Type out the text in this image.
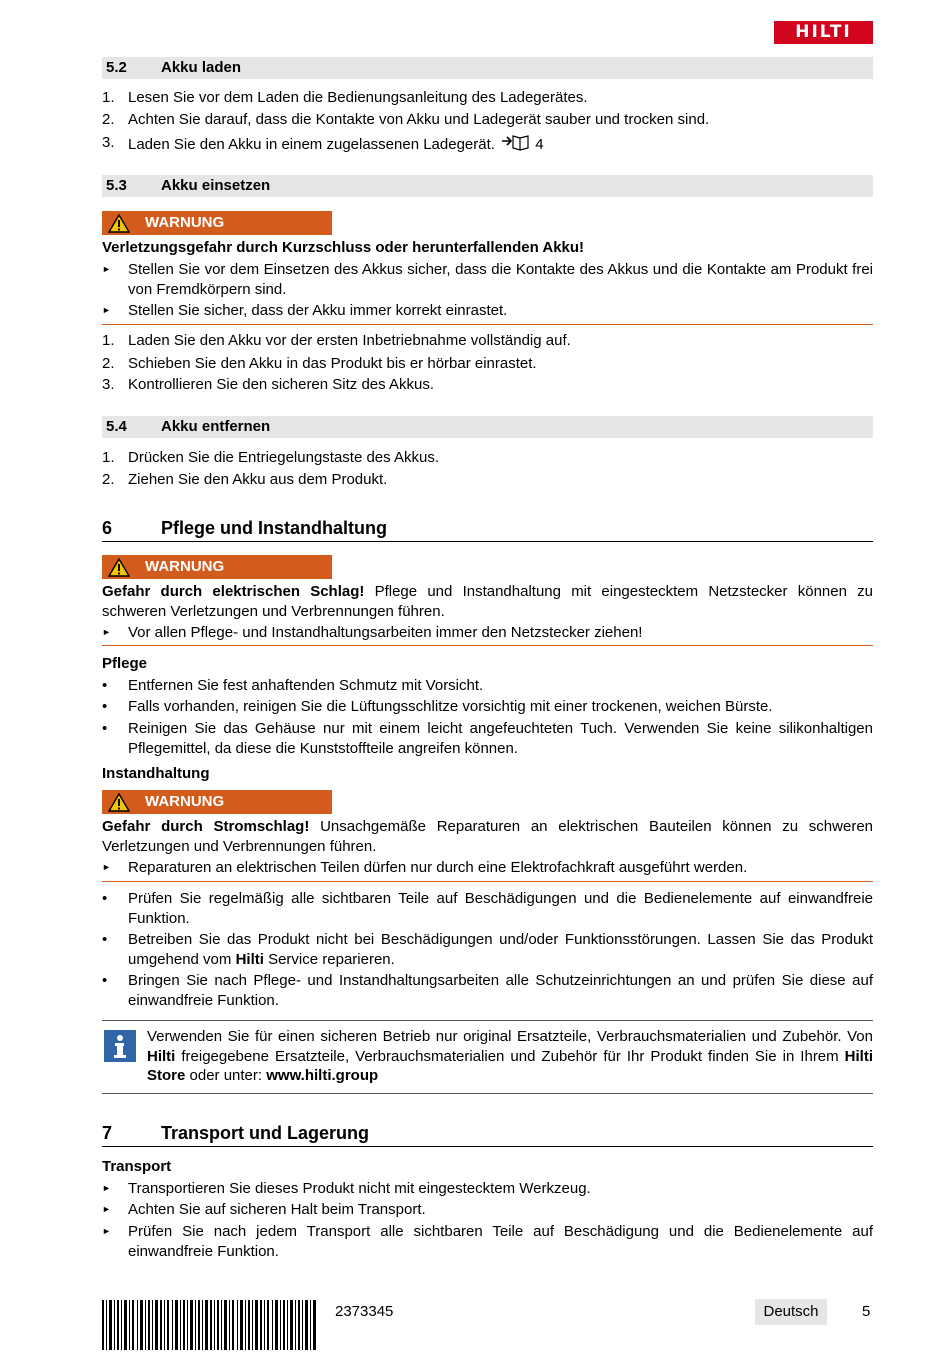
HILTI
5.2 Akku laden
1. Lesen Sie vor dem Laden die Bedienungsanleitung des Ladegerätes.
2. Achten Sie darauf, dass die Kontakte von Akku und Ladegerät sauber und trocken sind.
3. Laden Sie den Akku in einem zugelassenen Ladegerät.	4
5.3 Akku einsetzen
WARNUNG
Verletzungsgefahr durch Kurzschluss oder herunterfallenden Akku!
► Stellen Sie vor dem Einsetzen des Akkus sicher, dass die Kontakte des Akkus und die Kontakte am Produkt frei von Fremdkörpern sind.
► Stellen Sie sicher, dass der Akku immer korrekt einrastet.
1. Laden Sie den Akku vor der ersten Inbetriebnahme vollständig auf.
2. Schieben Sie den Akku in das Produkt bis er hörbar einrastet.
3. Kontrollieren Sie den sicheren Sitz des Akkus.
5.4 Akku entfernen
1. Drücken Sie die Entriegelungstaste des Akkus.
2. Ziehen Sie den Akku aus dem Produkt.
6	Pflege und Instandhaltung
WARNUNG
Gefahr durch elektrischen Schlag! Pflege und Instandhaltung mit eingestecktem Netzstecker können zu schweren Verletzungen und Verbrennungen führen.
► Vor allen Pflege- und Instandhaltungsarbeiten immer den Netzstecker ziehen!
Pflege
• Entfernen Sie fest anhaftenden Schmutz mit Vorsicht.
• Falls vorhanden, reinigen Sie die Lüftungsschlitze vorsichtig mit einer trockenen, weichen Bürste.
• Reinigen Sie das Gehäuse nur mit einem leicht angefeuchteten Tuch. Verwenden Sie keine silikonhaltigen Pflegemittel, da diese die Kunststoffteile angreifen können.
Instandhaltung
WARNUNG
Gefahr durch Stromschlag! Unsachgemäße Reparaturen an elektrischen Bauteilen können zu schweren Verletzungen und Verbrennungen führen.
► Reparaturen an elektrischen Teilen dürfen nur durch eine Elektrofachkraft ausgeführt werden.
• Prüfen Sie regelmäßig alle sichtbaren Teile auf Beschädigungen und die Bedienelemente auf einwandfreie Funktion.
• Betreiben Sie das Produkt nicht bei Beschädigungen und/oder Funktionsstörungen. Lassen Sie das Produkt umgehend vom Hilti Service reparieren.
• Bringen Sie nach Pflege- und Instandhaltungsarbeiten alle Schutzeinrichtungen an und prüfen Sie diese auf einwandfreie Funktion.
Verwenden Sie für einen sicheren Betrieb nur original Ersatzteile, Verbrauchsmaterialien und Zubehör. Von Hilti freigegebene Ersatzteile, Verbrauchsmaterialien und Zubehör für Ihr Produkt finden Sie in Ihrem Hilti Store oder unter: www.hilti.group
7	Transport und Lagerung
Transport
► Transportieren Sie dieses Produkt nicht mit eingestecktem Werkzeug.
► Achten Sie auf sicheren Halt beim Transport.
► Prüfen Sie nach jedem Transport alle sichtbaren Teile auf Beschädigung und die Bedienelemente auf einwandfreie Funktion.
2373345	Deutsch	5
